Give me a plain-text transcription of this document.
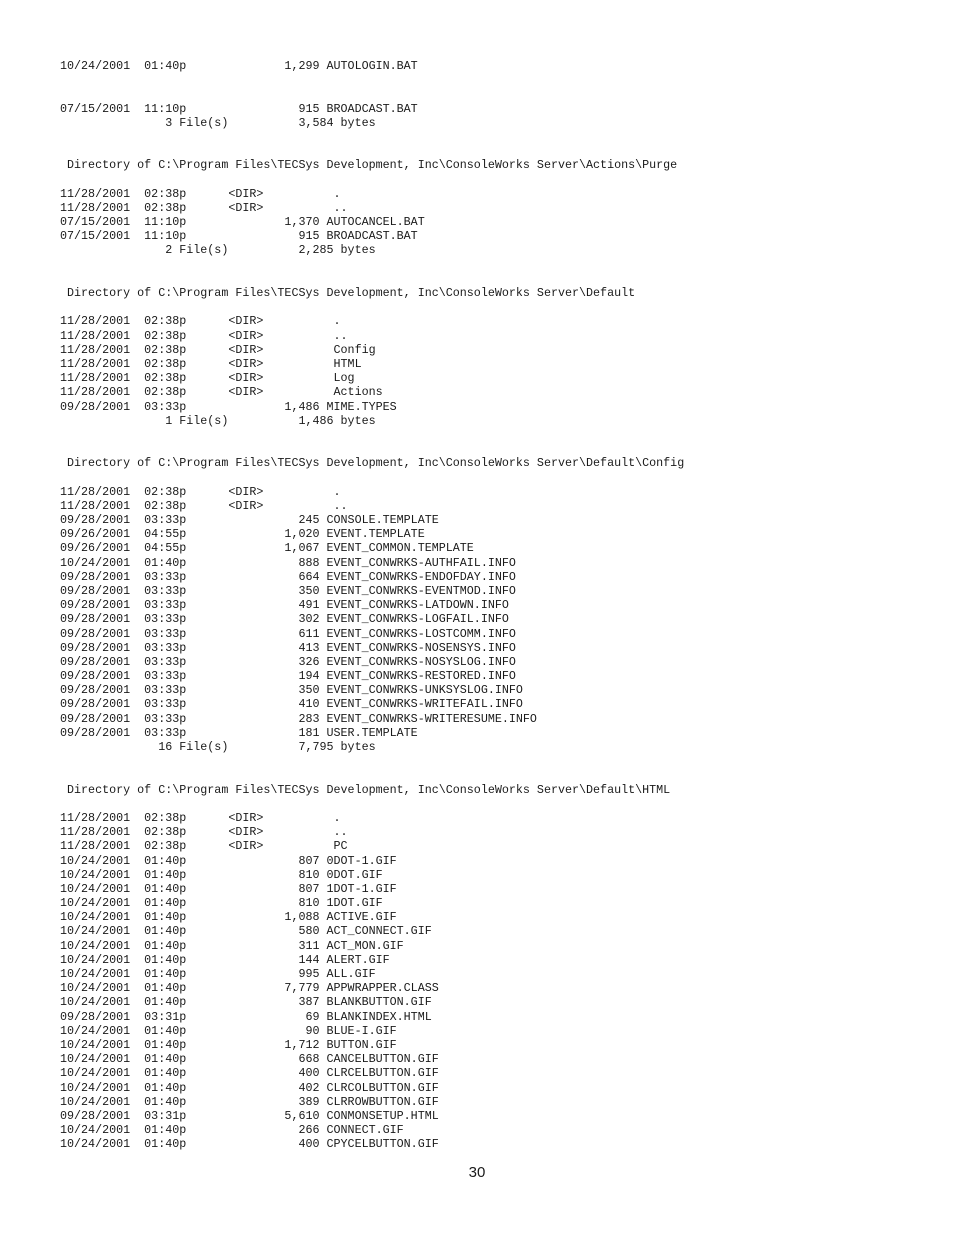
10/24/2001  01:40p              1,299 AUTOLOGIN.BAT
07/15/2001  11:10p                915 BROADCAST.BAT
3 File(s)          3,584 bytes
Directory of C:\Program Files\TECSys Development, Inc\ConsoleWorks Server\Actions\Purge
11/28/2001  02:38p      <DIR>          .
11/28/2001  02:38p      <DIR>          ..
07/15/2001  11:10p              1,370 AUTOCANCEL.BAT
07/15/2001  11:10p                915 BROADCAST.BAT
2 File(s)          2,285 bytes
Directory of C:\Program Files\TECSys Development, Inc\ConsoleWorks Server\Default
11/28/2001  02:38p      <DIR>          .
11/28/2001  02:38p      <DIR>          ..
11/28/2001  02:38p      <DIR>          Config
11/28/2001  02:38p      <DIR>          HTML
11/28/2001  02:38p      <DIR>          Log
11/28/2001  02:38p      <DIR>          Actions
09/28/2001  03:33p              1,486 MIME.TYPES
1 File(s)          1,486 bytes
Directory of C:\Program Files\TECSys Development, Inc\ConsoleWorks Server\Default\Config
11/28/2001  02:38p      <DIR>          .
11/28/2001  02:38p      <DIR>          ..
09/28/2001  03:33p                245 CONSOLE.TEMPLATE
09/26/2001  04:55p              1,020 EVENT.TEMPLATE
09/26/2001  04:55p              1,067 EVENT_COMMON.TEMPLATE
10/24/2001  01:40p                888 EVENT_CONWRKS-AUTHFAIL.INFO
09/28/2001  03:33p                664 EVENT_CONWRKS-ENDOFDAY.INFO
09/28/2001  03:33p                350 EVENT_CONWRKS-EVENTMOD.INFO
09/28/2001  03:33p                491 EVENT_CONWRKS-LATDOWN.INFO
09/28/2001  03:33p                302 EVENT_CONWRKS-LOGFAIL.INFO
09/28/2001  03:33p                611 EVENT_CONWRKS-LOSTCOMM.INFO
09/28/2001  03:33p                413 EVENT_CONWRKS-NOSENSYS.INFO
09/28/2001  03:33p                326 EVENT_CONWRKS-NOSYSLOG.INFO
09/28/2001  03:33p                194 EVENT_CONWRKS-RESTORED.INFO
09/28/2001  03:33p                350 EVENT_CONWRKS-UNKSYSLOG.INFO
09/28/2001  03:33p                410 EVENT_CONWRKS-WRITEFAIL.INFO
09/28/2001  03:33p                283 EVENT_CONWRKS-WRITERESUME.INFO
09/28/2001  03:33p                181 USER.TEMPLATE
16 File(s)          7,795 bytes
Directory of C:\Program Files\TECSys Development, Inc\ConsoleWorks Server\Default\HTML
11/28/2001  02:38p      <DIR>          .
11/28/2001  02:38p      <DIR>          ..
11/28/2001  02:38p      <DIR>          PC
10/24/2001  01:40p                807 0DOT-1.GIF
10/24/2001  01:40p                810 0DOT.GIF
10/24/2001  01:40p                807 1DOT-1.GIF
10/24/2001  01:40p                810 1DOT.GIF
10/24/2001  01:40p              1,088 ACTIVE.GIF
10/24/2001  01:40p                580 ACT_CONNECT.GIF
10/24/2001  01:40p                311 ACT_MON.GIF
10/24/2001  01:40p                144 ALERT.GIF
10/24/2001  01:40p                995 ALL.GIF
10/24/2001  01:40p              7,779 APPWRAPPER.CLASS
10/24/2001  01:40p                387 BLANKBUTTON.GIF
09/28/2001  03:31p                 69 BLANKINDEX.HTML
10/24/2001  01:40p                 90 BLUE-I.GIF
10/24/2001  01:40p              1,712 BUTTON.GIF
10/24/2001  01:40p                668 CANCELBUTTON.GIF
10/24/2001  01:40p                400 CLRCELBUTTON.GIF
10/24/2001  01:40p                402 CLRCOLBUTTON.GIF
10/24/2001  01:40p                389 CLRROWBUTTON.GIF
09/28/2001  03:31p              5,610 CONMONSETUP.HTML
10/24/2001  01:40p                266 CONNECT.GIF
10/24/2001  01:40p                400 CPYCELBUTTON.GIF
30
